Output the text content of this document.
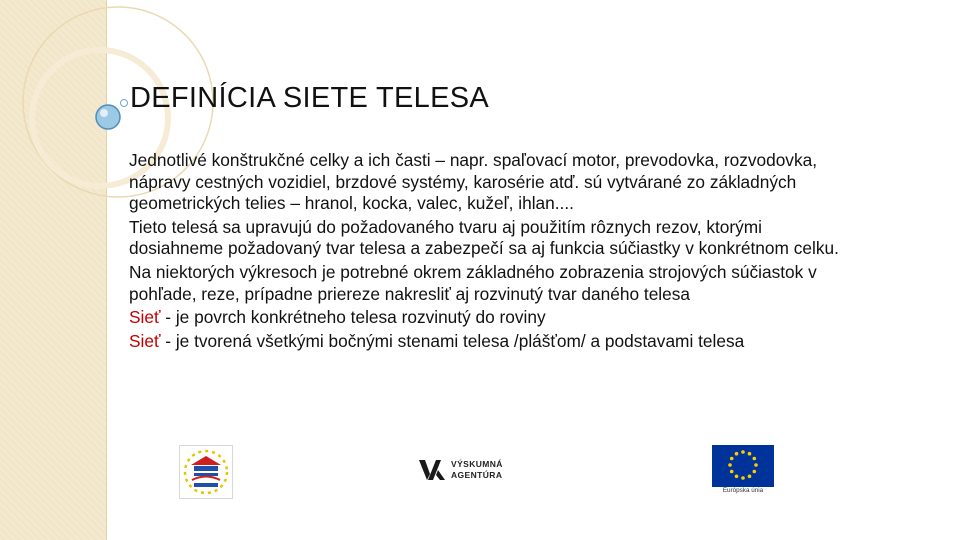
DEFINÍCIA SIETE TELESA

Jednotlivé konštrukčné celky a ich časti – napr. spaľovací motor, prevodovka, rozvodovka, nápravy cestných vozidiel, brzdové systémy, karosérie atď. sú vytvárané zo základných geometrických telies – hranol, kocka, valec, kužeľ, ihlan....

Tieto telesá sa upravujú do požadovaného tvaru aj použitím rôznych rezov, ktorými dosiahneme požadovaný tvar telesa a zabezpečí sa aj funkcia súčiastky v konkrétnom celku.

Na niektorých výkresoch je potrebné okrem základného zobrazenia strojových súčiastok v pohľade, reze, prípadne priereze nakresliť aj rozvinutý tvar daného telesa

Sieť - je povrch konkrétneho telesa rozvinutý do roviny

Sieť - je tvorená všetkými bočnými stenami telesa /plášťom/ a podstavami telesa

VÝSKUMNÁ
AGENTÚRA
Európska únia
